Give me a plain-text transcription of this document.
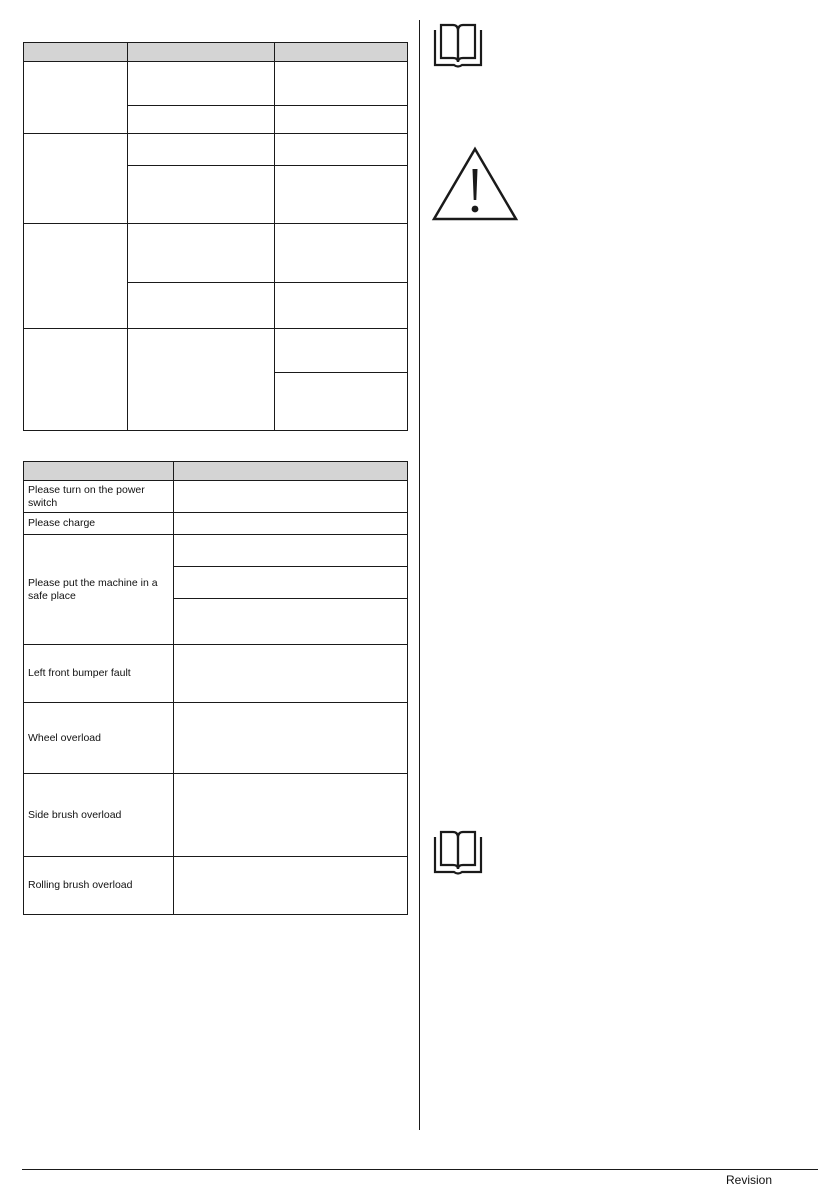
Please turn on the power switch	
Please charge	
Please put the machine in a safe place	

Left front bumper fault	
Wheel overload	
Side brush overload	
Rolling brush overload	
Revision
